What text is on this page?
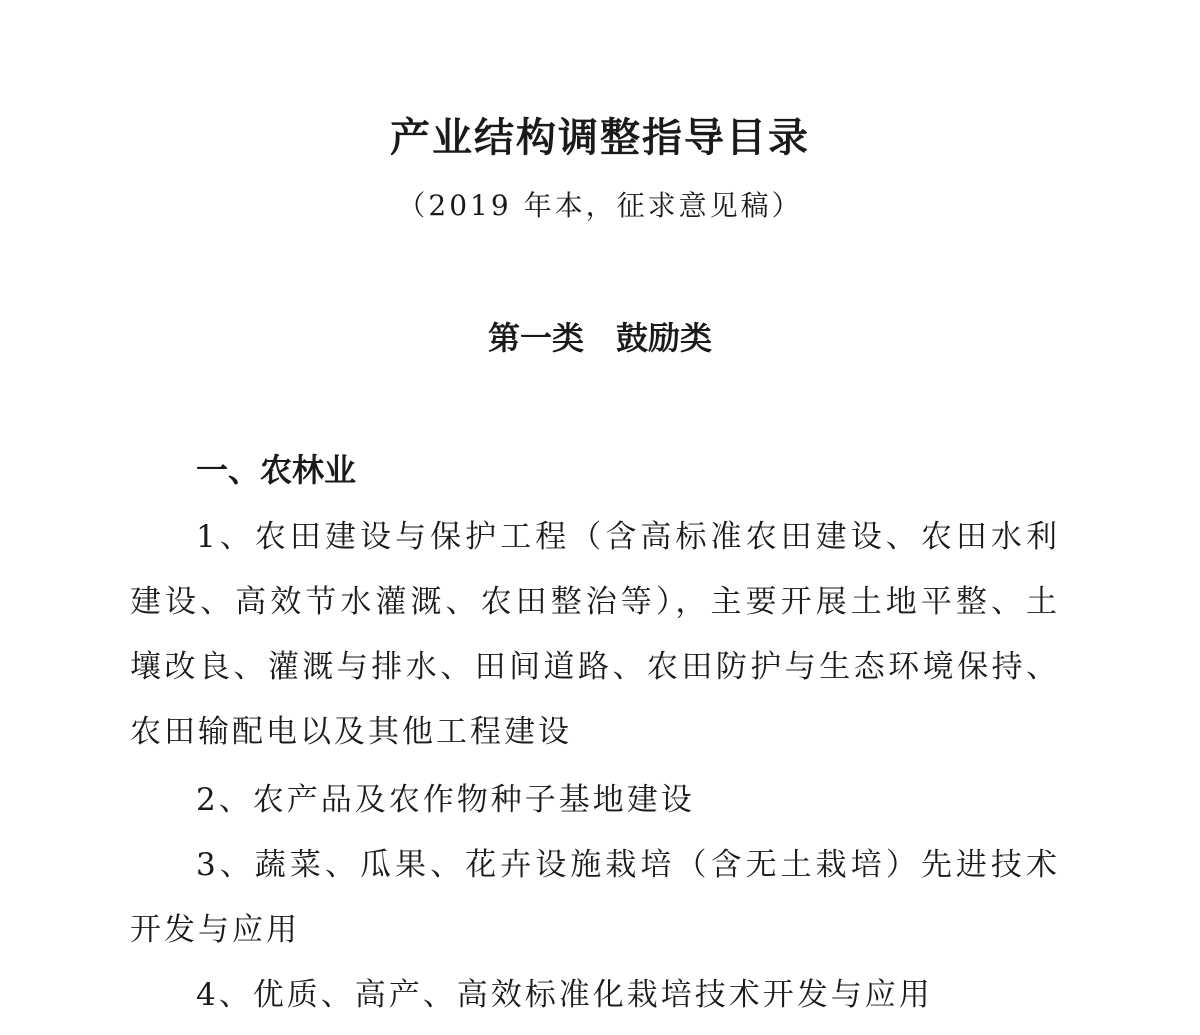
产业结构调整指导目录
（2019 年本，征求意见稿）
第一类　鼓励类
一、农林业

1、农田建设与保护工程（含高标准农田建设、农田水利建设、高效节水灌溉、农田整治等），主要开展土地平整、土壤改良、灌溉与排水、田间道路、农田防护与生态环境保持、农田输配电以及其他工程建设

2、农产品及农作物种子基地建设

3、蔬菜、瓜果、花卉设施栽培（含无土栽培）先进技术开发与应用

4、优质、高产、高效标准化栽培技术开发与应用
